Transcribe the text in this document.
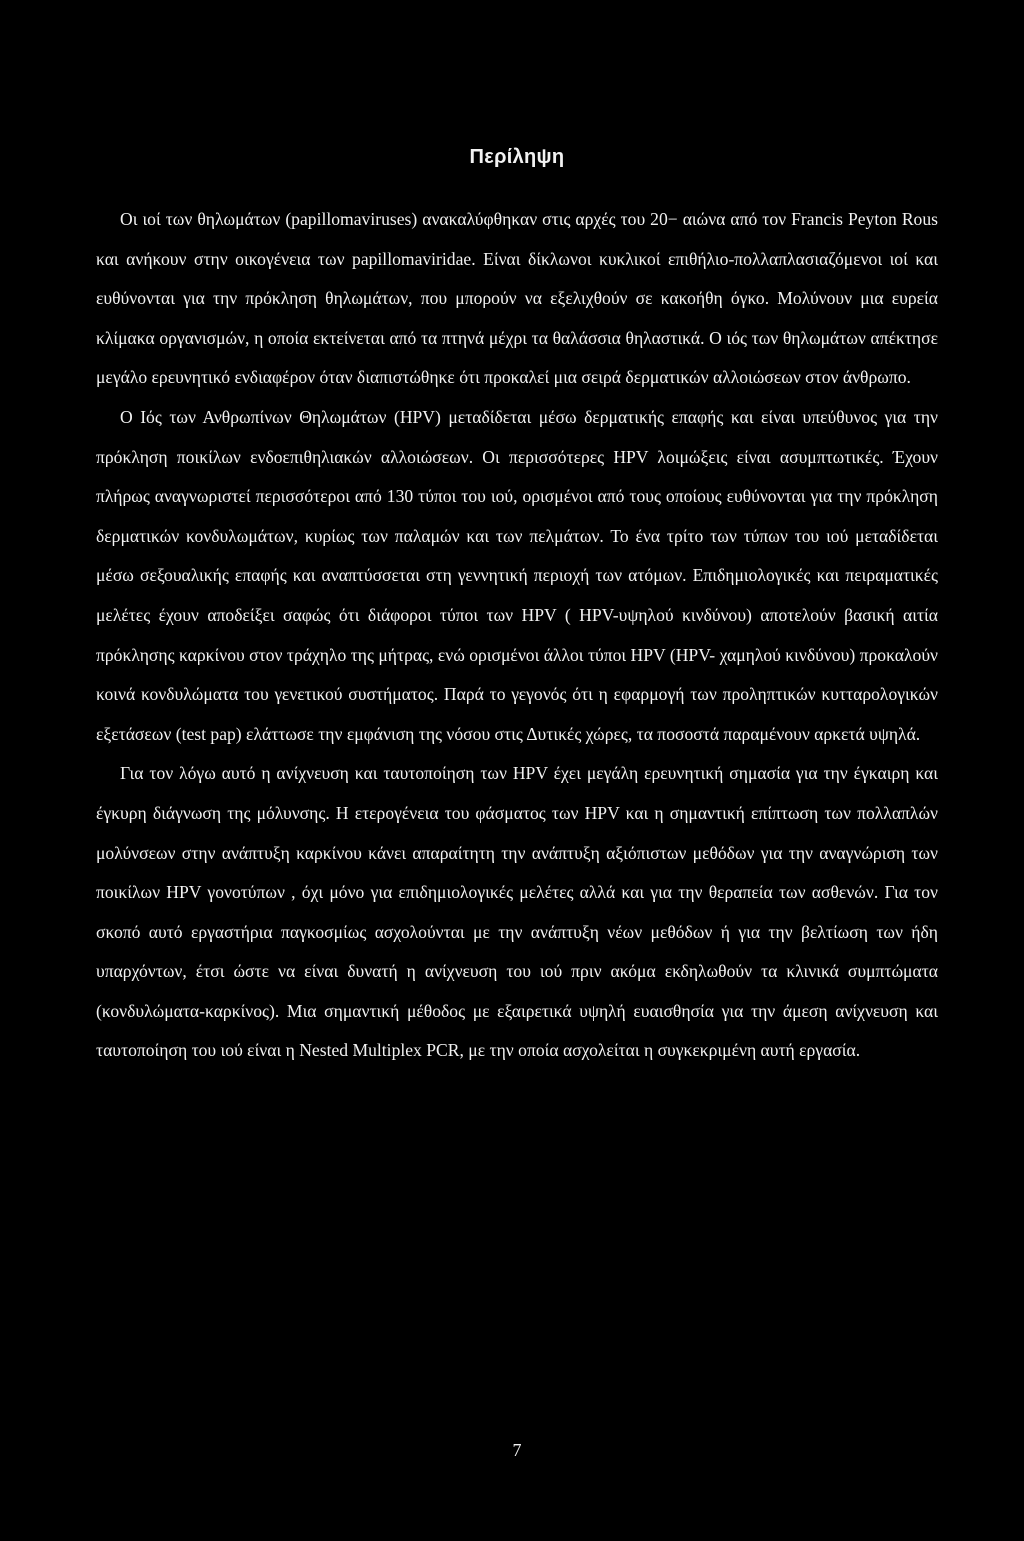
Περίληψη

Οι ιοί των θηλωμάτων (papillomaviruses) ανακαλύφθηκαν στις αρχές του 20− αιώνα από τον Francis Peyton Rous και ανήκουν στην οικογένεια των papillomaviridae. Είναι δίκλωνοι κυκλικοί επιθήλιο-πολλαπλασιαζόμενοι ιοί και ευθύνονται για την πρόκληση θηλωμάτων, που μπορούν να εξελιχθούν σε κακοήθη όγκο. Μολύνουν μια ευρεία κλίμακα οργανισμών, η οποία εκτείνεται από τα πτηνά μέχρι τα θαλάσσια θηλαστικά. Ο ιός των θηλωμάτων απέκτησε μεγάλο ερευνητικό ενδιαφέρον όταν διαπιστώθηκε ότι προκαλεί μια σειρά δερματικών αλλοιώσεων στον άνθρωπο.

Ο Ιός των Ανθρωπίνων Θηλωμάτων (HPV) μεταδίδεται μέσω δερματικής επαφής και είναι υπεύθυνος για την πρόκληση ποικίλων ενδοεπιθηλιακών αλλοιώσεων. Οι περισσότερες HPV λοιμώξεις είναι ασυμπτωτικές. Έχουν πλήρως αναγνωριστεί περισσότεροι από 130 τύποι του ιού, ορισμένοι από τους οποίους ευθύνονται για την πρόκληση δερματικών κονδυλωμάτων, κυρίως των παλαμών και των πελμάτων. Το ένα τρίτο των τύπων του ιού μεταδίδεται μέσω σεξουαλικής επαφής και αναπτύσσεται στη γεννητική περιοχή των ατόμων. Επιδημιολογικές και πειραματικές μελέτες έχουν αποδείξει σαφώς ότι διάφοροι τύποι των HPV ( HPV-υψηλού κινδύνου) αποτελούν βασική αιτία πρόκλησης καρκίνου στον τράχηλο της μήτρας, ενώ ορισμένοι άλλοι τύποι HPV (HPV- χαμηλού κινδύνου) προκαλούν κοινά κονδυλώματα του γενετικού συστήματος. Παρά το γεγονός ότι η εφαρμογή των προληπτικών κυτταρολογικών εξετάσεων (test pap) ελάττωσε την εμφάνιση της νόσου στις Δυτικές χώρες, τα ποσοστά παραμένουν αρκετά υψηλά.

Για τον λόγω αυτό η ανίχνευση και ταυτοποίηση των HPV έχει μεγάλη ερευνητική σημασία για την έγκαιρη και έγκυρη διάγνωση της μόλυνσης. Η ετερογένεια του φάσματος των HPV και η σημαντική επίπτωση των πολλαπλών μολύνσεων στην ανάπτυξη καρκίνου κάνει απαραίτητη την ανάπτυξη αξιόπιστων μεθόδων για την αναγνώριση των ποικίλων HPV γονοτύπων , όχι μόνο για επιδημιολογικές μελέτες αλλά και για την θεραπεία των ασθενών. Για τον σκοπό αυτό εργαστήρια παγκοσμίως ασχολούνται με την ανάπτυξη νέων μεθόδων ή για την βελτίωση των ήδη υπαρχόντων, έτσι ώστε να είναι δυνατή η ανίχνευση του ιού πριν ακόμα εκδηλωθούν τα κλινικά συμπτώματα (κονδυλώματα-καρκίνος). Μια σημαντική μέθοδος με εξαιρετικά υψηλή ευαισθησία για την άμεση ανίχνευση και ταυτοποίηση του ιού είναι η Nested Multiplex PCR, με την οποία ασχολείται η συγκεκριμένη αυτή εργασία.

7
